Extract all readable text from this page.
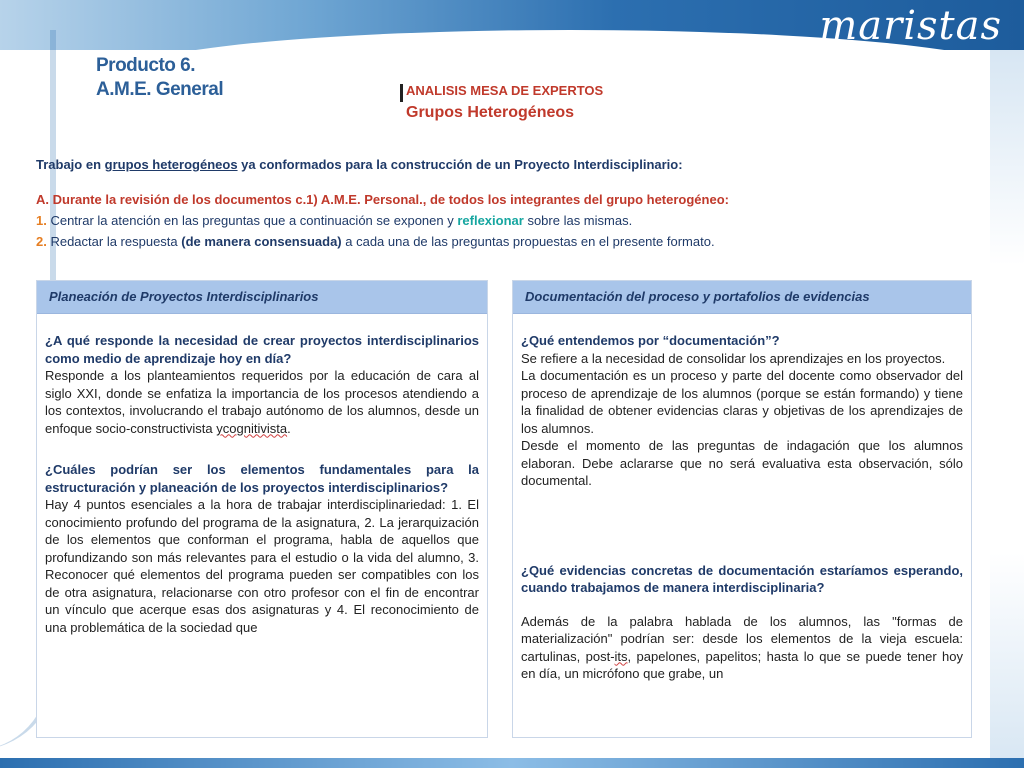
maristas
Producto 6.
A.M.E. General	ANALISIS MESA DE EXPERTOS
Grupos Heterogéneos
Trabajo en grupos heterogéneos ya conformados para la construcción de un Proyecto Interdisciplinario:
A. Durante la revisión de los documentos c.1) A.M.E. Personal., de todos los integrantes del grupo heterogéneo:
1. Centrar la atención en las preguntas que a continuación se exponen y reflexionar sobre las mismas.
2. Redactar la respuesta (de manera consensuada) a cada una de las preguntas propuestas en el presente formato.
Planeación de Proyectos Interdisciplinarios
¿A qué responde la necesidad de crear proyectos interdisciplinarios como medio de aprendizaje hoy en día?
Responde a los planteamientos requeridos por la educación de cara al siglo XXI, donde se enfatiza la importancia de los procesos atendiendo a los contextos, involucrando el trabajo autónomo de los alumnos, desde un enfoque socio-constructivista ycognitivista.
¿Cuáles podrían ser los elementos fundamentales para la estructuración y planeación de los proyectos interdisciplinarios?
Hay 4 puntos esenciales a la hora de trabajar interdisciplinariedad: 1. El conocimiento profundo del programa de la asignatura, 2. La jerarquización de los elementos que conforman el programa, habla de aquellos que profundizando son más relevantes para el estudio o la vida del alumno, 3. Reconocer qué elementos del programa pueden ser compatibles con los de otra asignatura, relacionarse con otro profesor con el fin de encontrar un vínculo que acerque esas dos asignaturas y 4. El reconocimiento de una problemática de la sociedad que
Documentación del proceso y portafolios de evidencias
¿Qué entendemos por “documentación”?
Se refiere a la necesidad de consolidar los aprendizajes en los proyectos.
La documentación es un proceso y parte del docente como observador del proceso de aprendizaje de los alumnos (porque se están formando) y tiene la finalidad de obtener evidencias claras y objetivas de los aprendizajes de los alumnos.
Desde el momento de las preguntas de indagación que los alumnos elaboran. Debe aclararse que no será evaluativa esta observación, sólo documental.
¿Qué evidencias concretas de documentación estaríamos esperando, cuando trabajamos de manera interdisciplinaria?
Además de la palabra hablada de los alumnos, las "formas de materialización" podrían ser: desde los elementos de la vieja escuela: cartulinas, post-its, papelones, papelitos; hasta lo que se puede tener hoy en día, un micrófono que grabe, un
